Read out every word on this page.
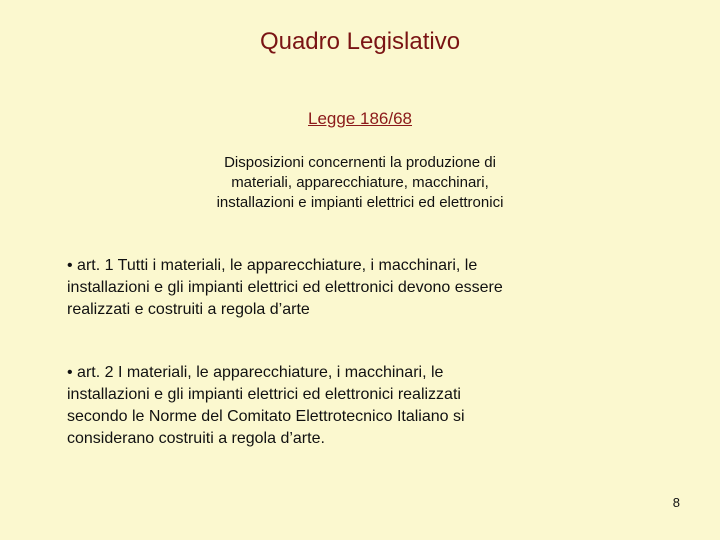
Quadro Legislativo
Legge 186/68
Disposizioni concernenti la produzione di
materiali, apparecchiature, macchinari,
installazioni e impianti elettrici ed elettronici
• art. 1 Tutti i materiali, le apparecchiature, i macchinari, le
installazioni e gli impianti elettrici ed elettronici devono essere
realizzati e costruiti a regola d’arte
• art. 2 I materiali, le apparecchiature, i macchinari, le
installazioni e gli impianti elettrici ed elettronici realizzati
secondo le Norme del Comitato Elettrotecnico Italiano si
considerano costruiti a regola d’arte.
8
